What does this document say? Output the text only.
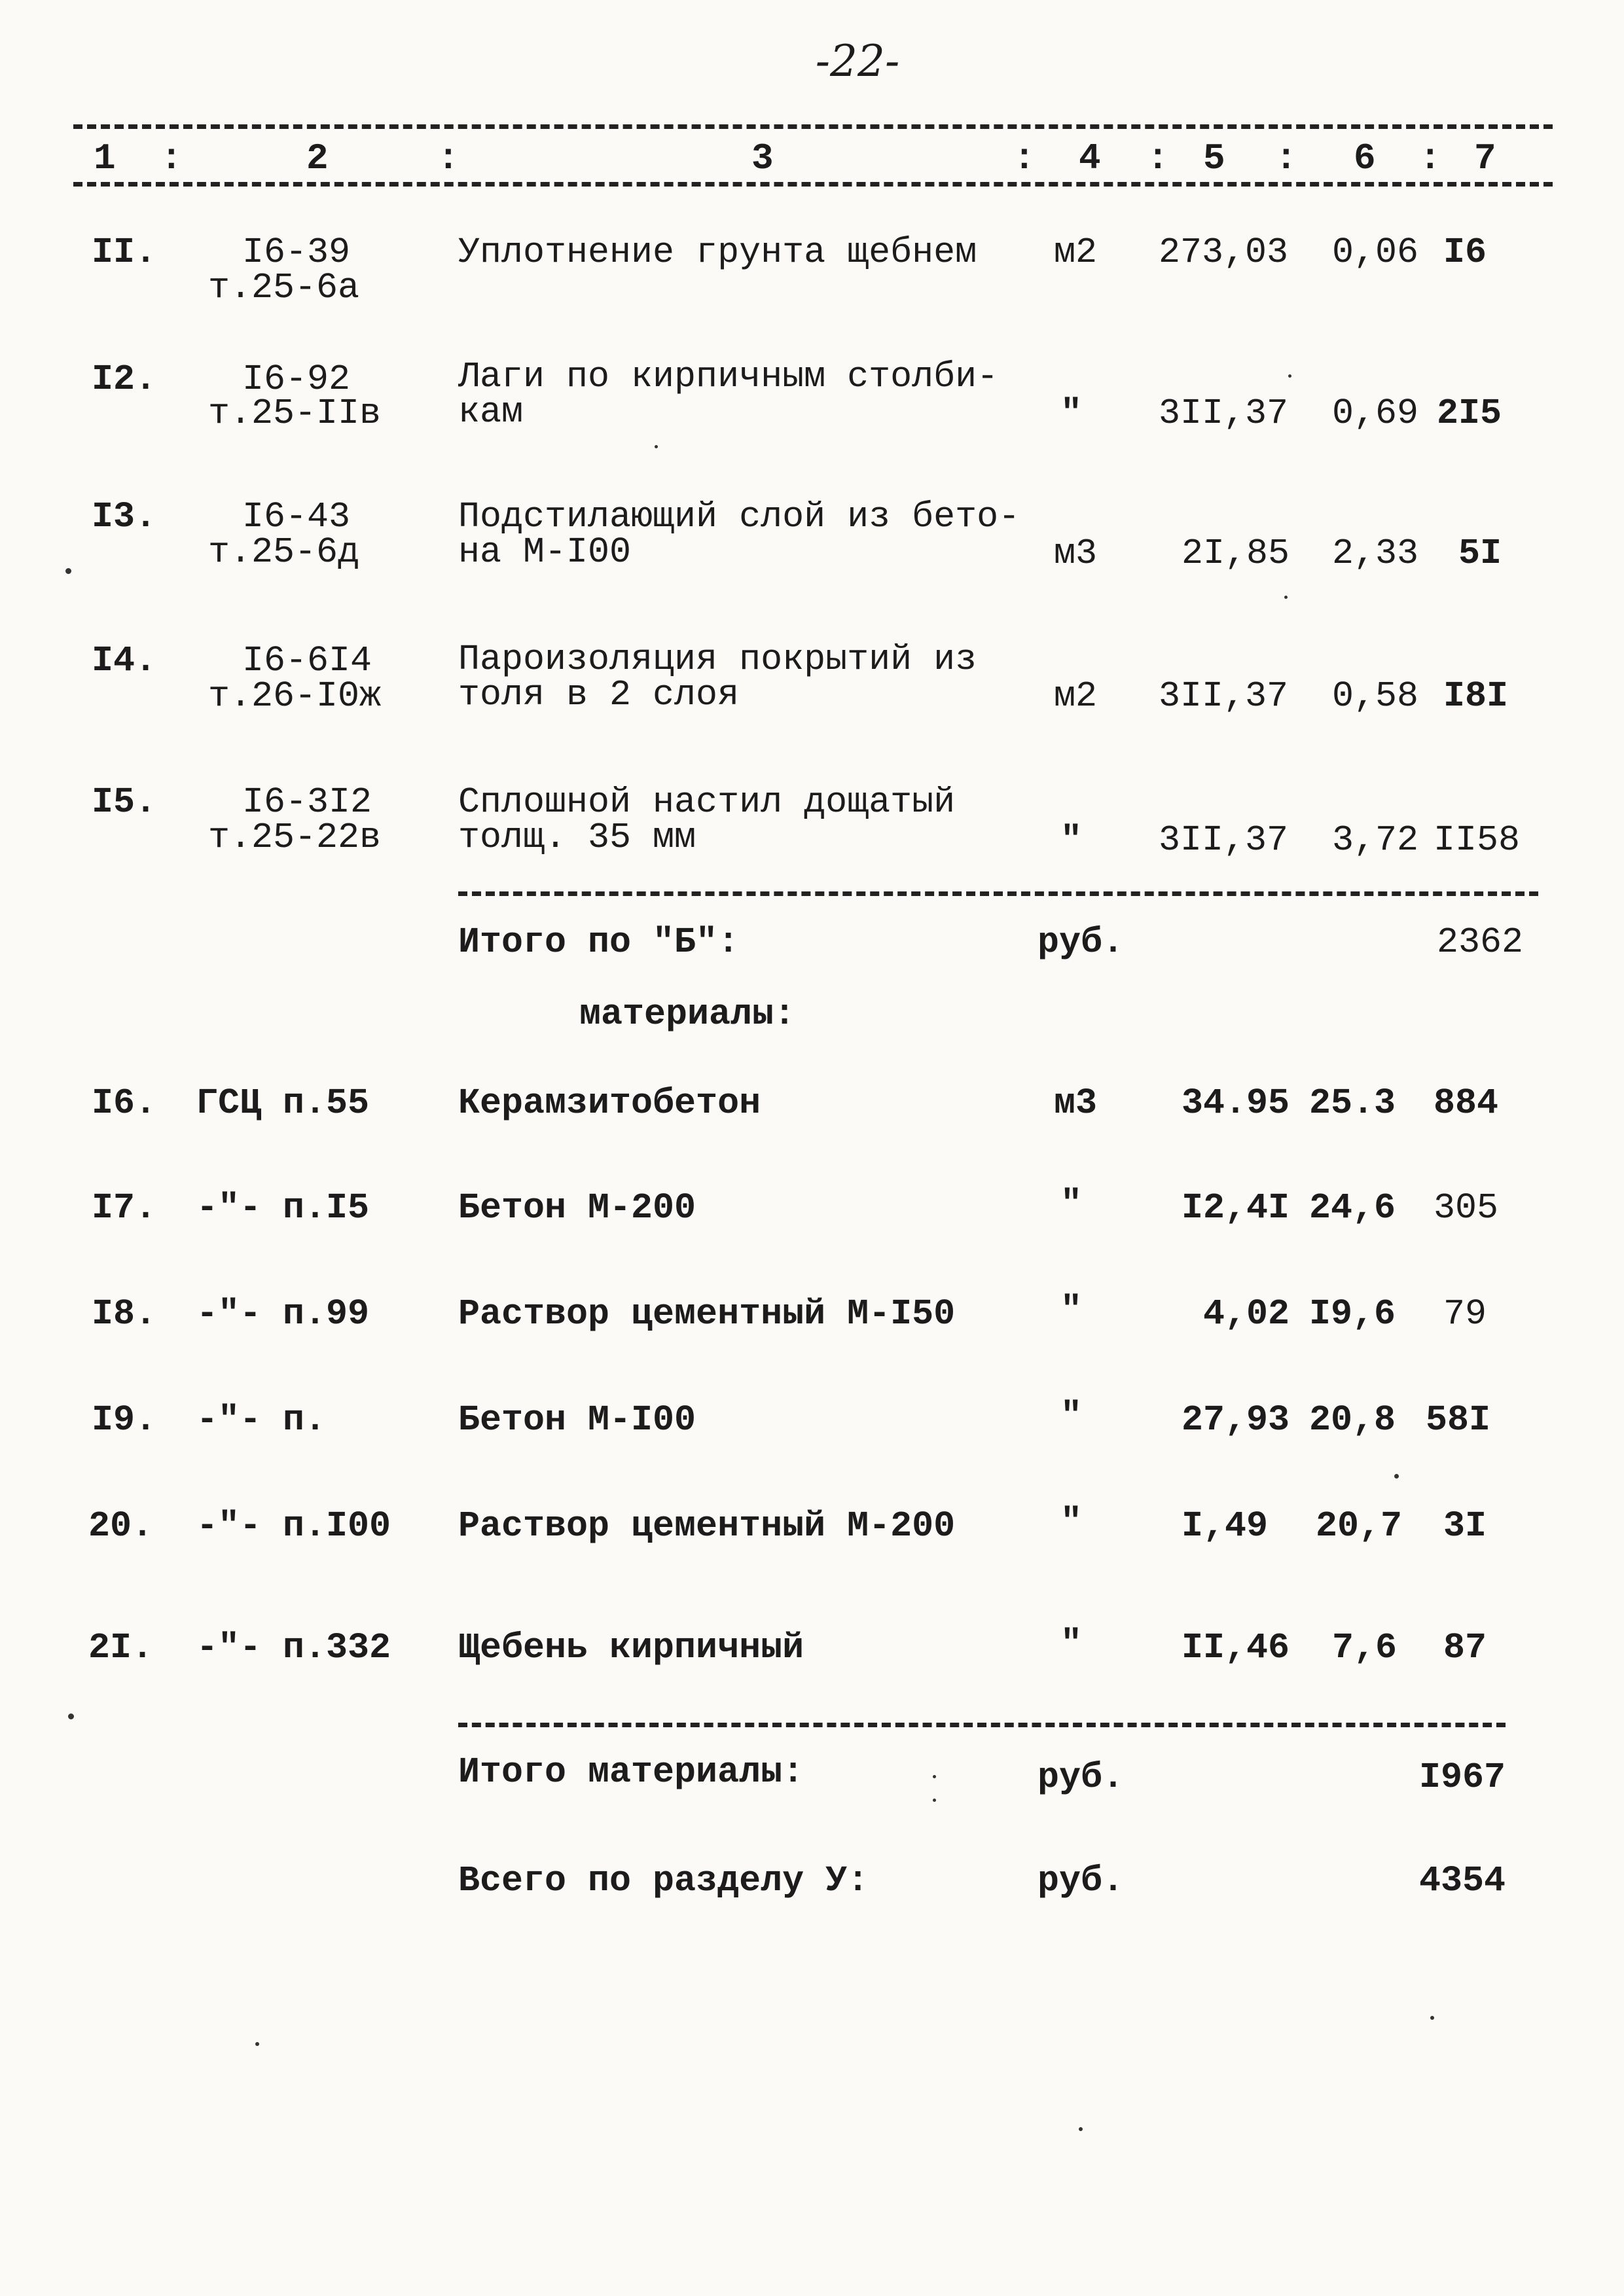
-22-
1 :	2	:	3	: 4 : 5 : 6 : 7
II. I6-39
т.25-6а
Уплотнение грунта щебнем м2 273,03 0,06 I6
I2. I6-92
т.25-IIв
Лаги по кирпичным столби-
кам	" 3II,37 0,69 2I5
I3. I6-43
т.25-6д
Подстилающий слой из бето-
на М-I00	м3 2I,85 2,33 5I
I4. I6-6I4
т.26-I0ж
Пароизоляция покрытий из
толя в 2 слоя	м2 3II,37 0,58 I8I
I5. I6-3I2
т.25-22в
Сплошной настил дощатый
толщ. 35 мм	" 3II,37 3,72 II58
Итого по "Б":	руб.	2362
материалы:
I6. ГСЦ п.55 Керамзитобетон	м3 34.95 25.3 884
I7. -"- п.I5 Бетон М-200	"	I2,4I 24,6 305
I8. -"- п.99 Раствор цементный М-I50	"	4,02 I9,6 79
I9. -"- п.	Бетон М-I00	"	27,93 20,8 58I
20. -"- п.I00 Раствор цементный М-200	"	I,49 20,7 3I
2I. -"- п.332 Щебень кирпичный	"	II,46 7,6 87
Итого материалы:	руб.	I967
Всего по разделу У:	руб.	4354
